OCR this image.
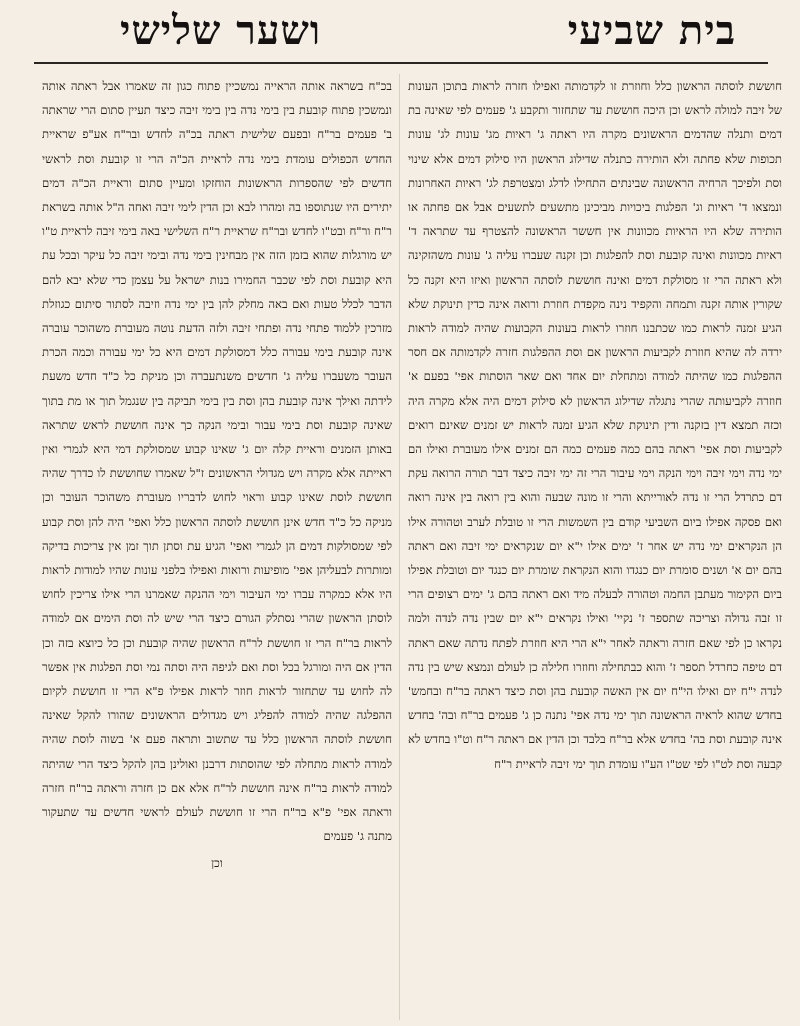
בית שביעי
ושער שלישי

חוששת לוסתה הראשון כלל וחוזרת זו לקדמותה ואפילו חזרה לראות בתוכן העונות של זיבה למולה לראש וכן היכה חוששת עד שתחזור ותקבע ג' פעמים לפי שאינה בת דמים ותנלה שהדמים הראשונים מקרה היו ראתה ג' ראיות מג' עונות לג' עונות תכופות שלא פחתה ולא הותירה כתנלה שדילוג הראשון היו סילוק דמים אלא שינוי וסת ולפיכך הרחיה הראשונה שבינתים התחילו לדלג ומצטרפת לג' ראיות האחרונות ונמצאו ד' ראיות וג' הפלגות ביכויות מביכינן מתשעים לתשעים אבל אם פחתה או הותירה שלא היו הראיות מכוונות אין חששר הראשונה להצטרף עד שתראה ד' ראיות מכוונות ואינה קובעת וסת להפלגות וכן זקנה שעברו עליה ג' עונות משהזקינה ולא ראתה הרי זו מסולקת דמים ואינה חוששת לוסתה הראשון ואיזו היא זקנה כל שקורין אותה זקנה ותמחה והקפיד נינה מקפדת חוזרת ורואה אינה כדין תינוקת שלא הגיע זמנה לראות כמו שכתבנו חוזרו לראות בעונות הקבועות שהיה למודה לראות ירדה לה שהיא חוזרת לקביעות הראשון אם וסת ההפלגות חזרה לקדמותה אם חסר ההפלגות כמו שהיתה למודה ומתחלת יום אחד ואם שאר הוסתות אפי' בפעם א' חוזרה לקביעותה שהרי נתגלה שדילוג הראשון לא סילוק דמים היה אלא מקרה היה וכזה תמצא דין בזקנה ודין תינוקת שלא הגיע זמנה לראות יש זמנים שאינם רואים לקביעות וסת אפי' ראתה בהם כמה פעמים כמה הם זמנים אילו מעוברת ואילו הם ימי נדה וימי זיבה וימי הנקה וימי עיבור הרי זה ימי זיבה כיצד דבר תורה הרואה עקת דם כתרדל הרי זו נדה לאורייתא והרי זו מונה שבעה והוא בין רואה בין אינה רואה ואם פסקה אפילו ביום השביעי קודם בין השמשות הרי זו טובלת לערב וטהורה אילו הן הנקראים ימי נדה יש אחר ז' ימים אילו י"א יום שנקראים ימי זיבה ואם ראתה בהם יום א' ושנים סומרת יום כנגדו והוא הנקראת שומרת יום כנגד יום וטובלת אפילו ביום הקימור מעתבן החמה וטהורה לבעלה מיד ואם ראתה בהם ג' ימים רצופים הרי זו זבה גדולה וצריכה שתספר ז' נקיי' ואילו נקראים י"א יום שבין נדה לנדה ולמה נקראו כן לפי שאם חזרה וראתה לאחר י"א הרי היא חוזרת לפתח נדתה שאם ראתה דם טיפה כחרדל תספר ז' והוא כבתחילה וחוזרו חלילה כן לעולם ונמצא שיש בין נדה לנדה י"ח יום ואילו הי"ח יום אין האשה קובעת בהן וסת כיצד ראתה בר"ח ובחמש' בחדש שהוא לראיה הראשונה תוך ימי נדה אפי' נתנה כן ג' פעמים בר"ח ובה' בחדש אינה קובעת וסת בה' בחדש אלא בר"ח בלבד וכן הדין אם ראתה ר"ח וט"ו בחדש לא קבעה וסת לט"ו לפי שט"ו הע"ו עומדת תוך ימי זיבה לראיית ר"ח

בכ"ח בשראה אותה הראייה נמשכיין פתוח כגון זה שאמרו אבל ראתה אותה ונמשכין פתוח קובעת בין בימי נדה בין בימי זיבה כיצד תעיין סתום הרי שראתה ב' פעמים בר"ח ובפעם שלישית ראתה בכ"ה לחדש ובר"ח אע"פ שראיית החדש הכפולים עומדת בימי נדה לראיית הכ"ה הרי זו קובעת וסת לראשי חדשים לפי שהספרות הראשונות הוחזקו ומעיין סתום וראיית הכ"ה דמים יתירים היו שנתוספו בה ומהרו לבא וכן הדין לימי זיבה ואחה ה"ל אותה בשראת ר"ח ור"ח ובט"ו לחדש ובר"ח שראיית ר"ח השלישי באה בימי זיבה לראיית ט"ו יש מורגלות שהוא בזמן הזה אין מבחינין בימי נדה ובימי זיבה כל עיקר ובכל עת היא קובעת וסת לפי שכבר החמירו בנות ישראל על עצמן כדי שלא יבא להם הדבר לכלל טעות ואם באה מחלק להן בין ימי נדה וזיבה לסתור סיתום כגוזלת מזרכין ללמוד פתחי נדה ופתחי זיבה ולזה הדעת נוטה מעוברת משהוכר עוברה אינה קובעת בימי עבורה כלל דמסולקת דמים היא כל ימי עבורה וכמה הכרת העובר משעברו עליה ג' חדשים משנתעברה וכן מניקת כל כ"ד חדש משעת לידתה ואילך אינה קובעת בהן וסת בין בימי תביקה בין שנגמל תוך או מת בתוך שאינה קובעת וסת בימי עבור ובימי הנקה כך אינה חוששת לראש שתראה באותן הזמנים וראיית קלה יום ג' שאינו קבוע שמסולקת דמי היא לגמרי ואין ראייתה אלא מקרה ויש מגדולי הראשונים ז"ל שאמרו שחוששת לו כדרך שהיה חוששת לוסת שאינו קבוע וראוי לחוש לדבריו מעוברת משהוכר העובר וכן מניקה כל כ"ד חדש אינן חוששת לוסתה הראשון כלל ואפי' היה להן וסת קבוע לפי שמסולקות דמים הן לגמרי ואפי' הגיע עת וסתן תוך זמן אין צריכות בדיקה ומותרות לבעליהן אפי' מופיעות ורואות ואפילו בלפני עונות שהיו למודות לראות היו אלא כמקרה עברו ימי העיבור וימי ההנקה שאמרנו הרי אילו צריכין לחוש לוסתן הראשון שהרי נסתלק הגורם כיצד הרי שיש לה וסת הימים אם למודה לראות בר"ח הרי זו חוששת לר"ח הראשון שהיה קובעת וכן כל כיוצא בזה וכן הדין אם היה ומורגל בכל וסת ואם לגיפה היה וסתה נמי וסת הפלגות אין אפשר לה לחוש עד שתחזור לראות חוזר לראות אפילו פ"א הרי זו חוששת לקיום ההפלגה שהיה למודה להפליג ויש מגדולים הראשונים שהורו להקל שאינה חוששת לוסתה הראשון כלל עד שתשוב ותראה פעם א' בשוה לוסת שהיה למודה לראות מתחלה לפי שהוסתות דרבנן ואולינן בהן להקל כיצד הרי שהיתה למודה לראות בר"ח אינה חוששת לר"ח אלא אם כן חזרה וראתה בר"ח חזרה וראתה אפי' פ"א בר"ח הרי זו חוששת לעולם לראשי חדשים עד שתעקור מתנה ג' פעמים

וכן
